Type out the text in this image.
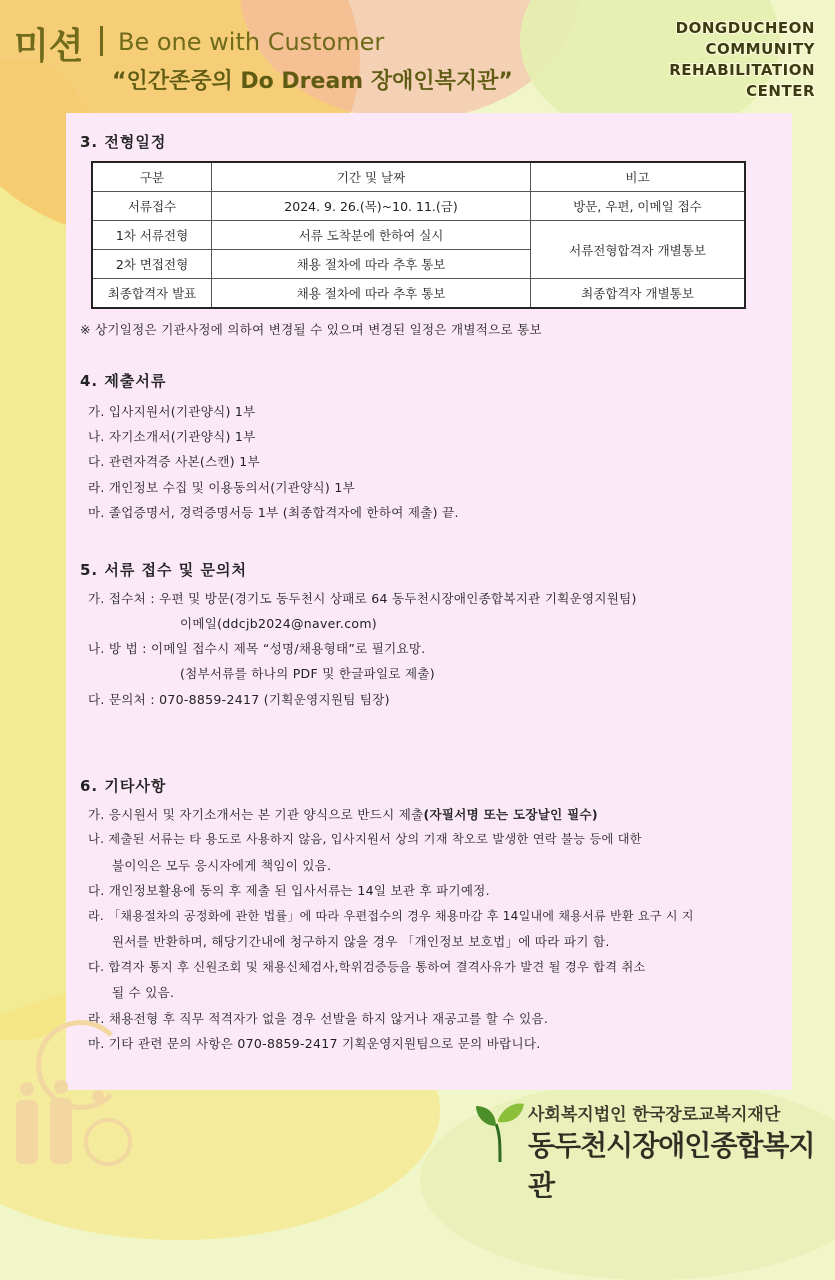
미션 Be one with Customer
“인간존중의 Do Dream 장애인복지관”
DONGDUCHEON
COMMUNITY
REHABILITATION
CENTER
3. 전형일정
구분	기간 및 날짜	비고
서류접수	2024. 9. 26.(목)~10. 11.(금)	방문, 우편, 이메일 접수
1차 서류전형	서류 도착분에 한하여 실시	서류전형합격자 개별통보
2차 면접전형	채용 절차에 따라 추후 통보	
최종합격자 발표	채용 절차에 따라 추후 통보	최종합격자 개별통보
※ 상기일정은 기관사정에 의하여 변경될 수 있으며 변경된 일정은 개별적으로 통보
4. 제출서류
가. 입사지원서(기관양식) 1부
나. 자기소개서(기관양식) 1부
다. 관련자격증 사본(스캔) 1부
라. 개인정보 수집 및 이용동의서(기관양식) 1부
마. 졸업증명서, 경력증명서등 1부 (최종합격자에 한하여 제출) 끝.
5. 서류 접수 및 문의처
가. 접수처 : 우편 및 방문(경기도 동두천시 상패로 64 동두천시장애인종합복지관 기획운영지원팀)
이메일(ddcjb2024@naver.com)
나. 방 법 : 이메일 접수시 제목 “성명/채용형태”로 필기요망.
(첨부서류를 하나의 PDF 및 한글파일로 제출)
다. 문의처 : 070-8859-2417 (기획운영지원팀 팀장)
6. 기타사항
가. 응시원서 및 자기소개서는 본 기관 양식으로 반드시 제출(자필서명 또는 도장날인 필수)
나. 제출된 서류는 타 용도로 사용하지 않음, 입사지원서 상의 기재 착오로 발생한 연락 불능 등에 대한
불이익은 모두 응시자에게 책임이 있음.
다. 개인정보활용에 동의 후 제출 된 입사서류는 14일 보관 후 파기예정.
라. 「채용절차의 공정화에 관한 법률」에 따라 우편접수의 경우 채용마감 후 14일내에 채용서류 반환 요구 시 지
원서를 반환하며, 해당기간내에 청구하지 않을 경우 「개인정보 보호법」에 따라 파기 함.
다. 합격자 통지 후 신원조회 및 채용신체검사,학위검증등을 통하여 결격사유가 발견 될 경우 합격 취소
될 수 있음.
라. 채용전형 후 직무 적격자가 없을 경우 선발을 하지 않거나 재공고를 할 수 있음.
마. 기타 관련 문의 사항은 070-8859-2417 기획운영지원팀으로 문의 바랍니다.
사회복지법인 한국장로교복지재단
동두천시장애인종합복지관
